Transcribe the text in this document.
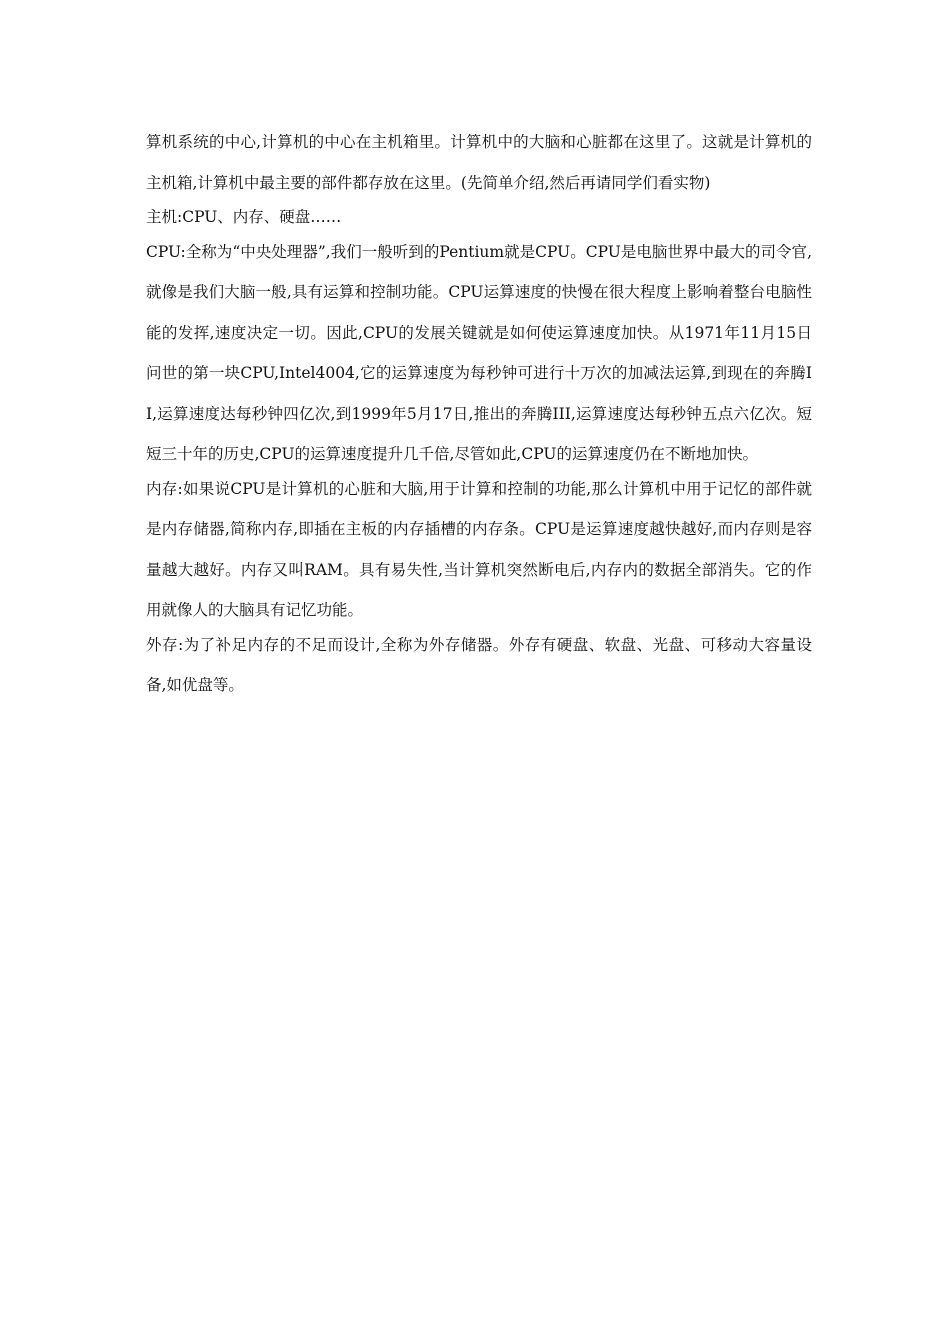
算机系统的中心,计算机的中心在主机箱里。计算机中的大脑和心脏都在这里了。这就是计算机的主机箱,计算机中最主要的部件都存放在这里。(先简单介绍,然后再请同学们看实物)

主机:CPU、内存、硬盘……

CPU:全称为“中央处理器”,我们一般听到的Pentium就是CPU。CPU是电脑世界中最大的司令官,就像是我们大脑一般,具有运算和控制功能。CPU运算速度的快慢在很大程度上影响着整台电脑性能的发挥,速度决定一切。因此,CPU的发展关键就是如何使运算速度加快。从1971年11月15日问世的第一块CPU,Intel4004,它的运算速度为每秒钟可进行十万次的加减法运算,到现在的奔腾II,运算速度达每秒钟四亿次,到1999年5月17日,推出的奔腾III,运算速度达每秒钟五点六亿次。短短三十年的历史,CPU的运算速度提升几千倍,尽管如此,CPU的运算速度仍在不断地加快。

内存:如果说CPU是计算机的心脏和大脑,用于计算和控制的功能,那么计算机中用于记忆的部件就是内存储器,简称内存,即插在主板的内存插槽的内存条。CPU是运算速度越快越好,而内存则是容量越大越好。内存又叫RAM。具有易失性,当计算机突然断电后,内存内的数据全部消失。它的作用就像人的大脑具有记忆功能。

外存:为了补足内存的不足而设计,全称为外存储器。外存有硬盘、软盘、光盘、可移动大容量设备,如优盘等。
